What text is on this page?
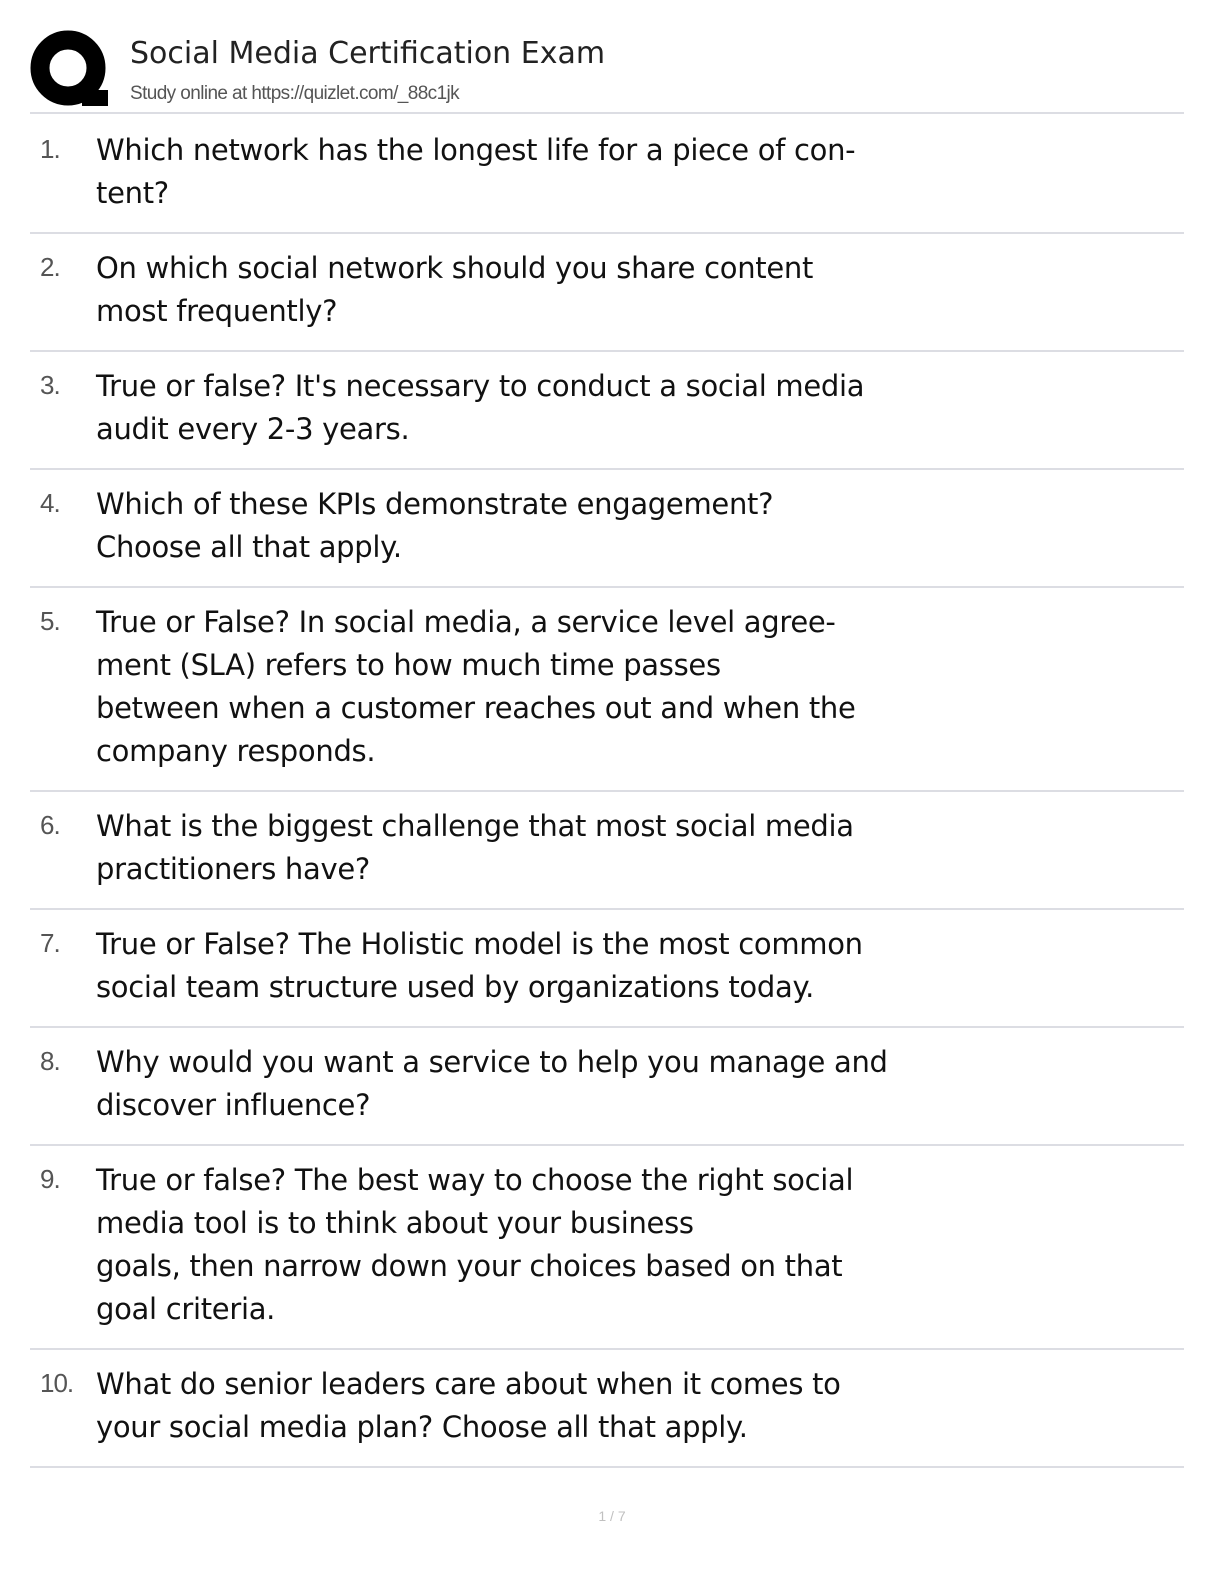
Social Media Certification Exam
Study online at https://quizlet.com/_88c1jk
1. Which network has the longest life for a piece of con-
tent?
2. On which social network should you share content
most frequently?
3. True or false? It's necessary to conduct a social media
audit every 2-3 years.
4. Which of these KPIs demonstrate engagement?
Choose all that apply.
5. True or False? In social media, a service level agree-
ment (SLA) refers to how much time passes
between when a customer reaches out and when the
company responds.
6. What is the biggest challenge that most social media
practitioners have?
7. True or False? The Holistic model is the most common
social team structure used by organizations today.
8. Why would you want a service to help you manage and
discover influence?
9. True or false? The best way to choose the right social
media tool is to think about your business
goals, then narrow down your choices based on that
goal criteria.
10. What do senior leaders care about when it comes to
your social media plan? Choose all that apply.
1 / 7
